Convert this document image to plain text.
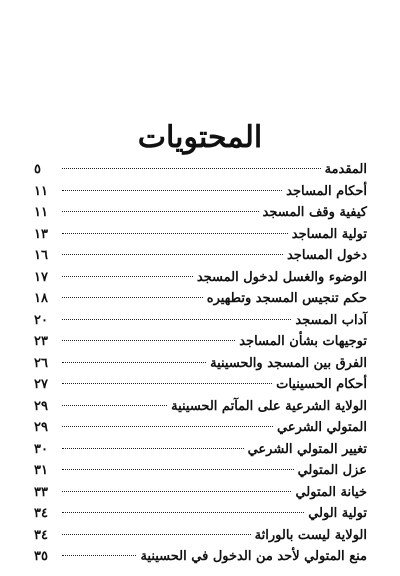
المحتويات
المقدمة
٥
أحكام المساجد
١١
كيفية وقف المسجد
١١
تولية المساجد
١٣
دخول المساجد
١٦
الوضوء والغسل لدخول المسجد
١٧
حكم تنجيس المسجد وتطهيره
١٨
آداب المسجد
٢٠
توجيهات بشأن المساجد
٢٣
الفرق بين المسجد والحسينية
٢٦
أحكام الحسينيات
٢٧
الولاية الشرعية على المآتم الحسينية
٢٩
المتولي الشرعي
٢٩
تغيير المتولي الشرعي
٣٠
عزل المتولي
٣١
خيانة المتولي
٣٣
تولية الولي
٣٤
الولاية ليست بالوراثة
٣٤
منع المتولي لأحد من الدخول في الحسينية
٣٥
